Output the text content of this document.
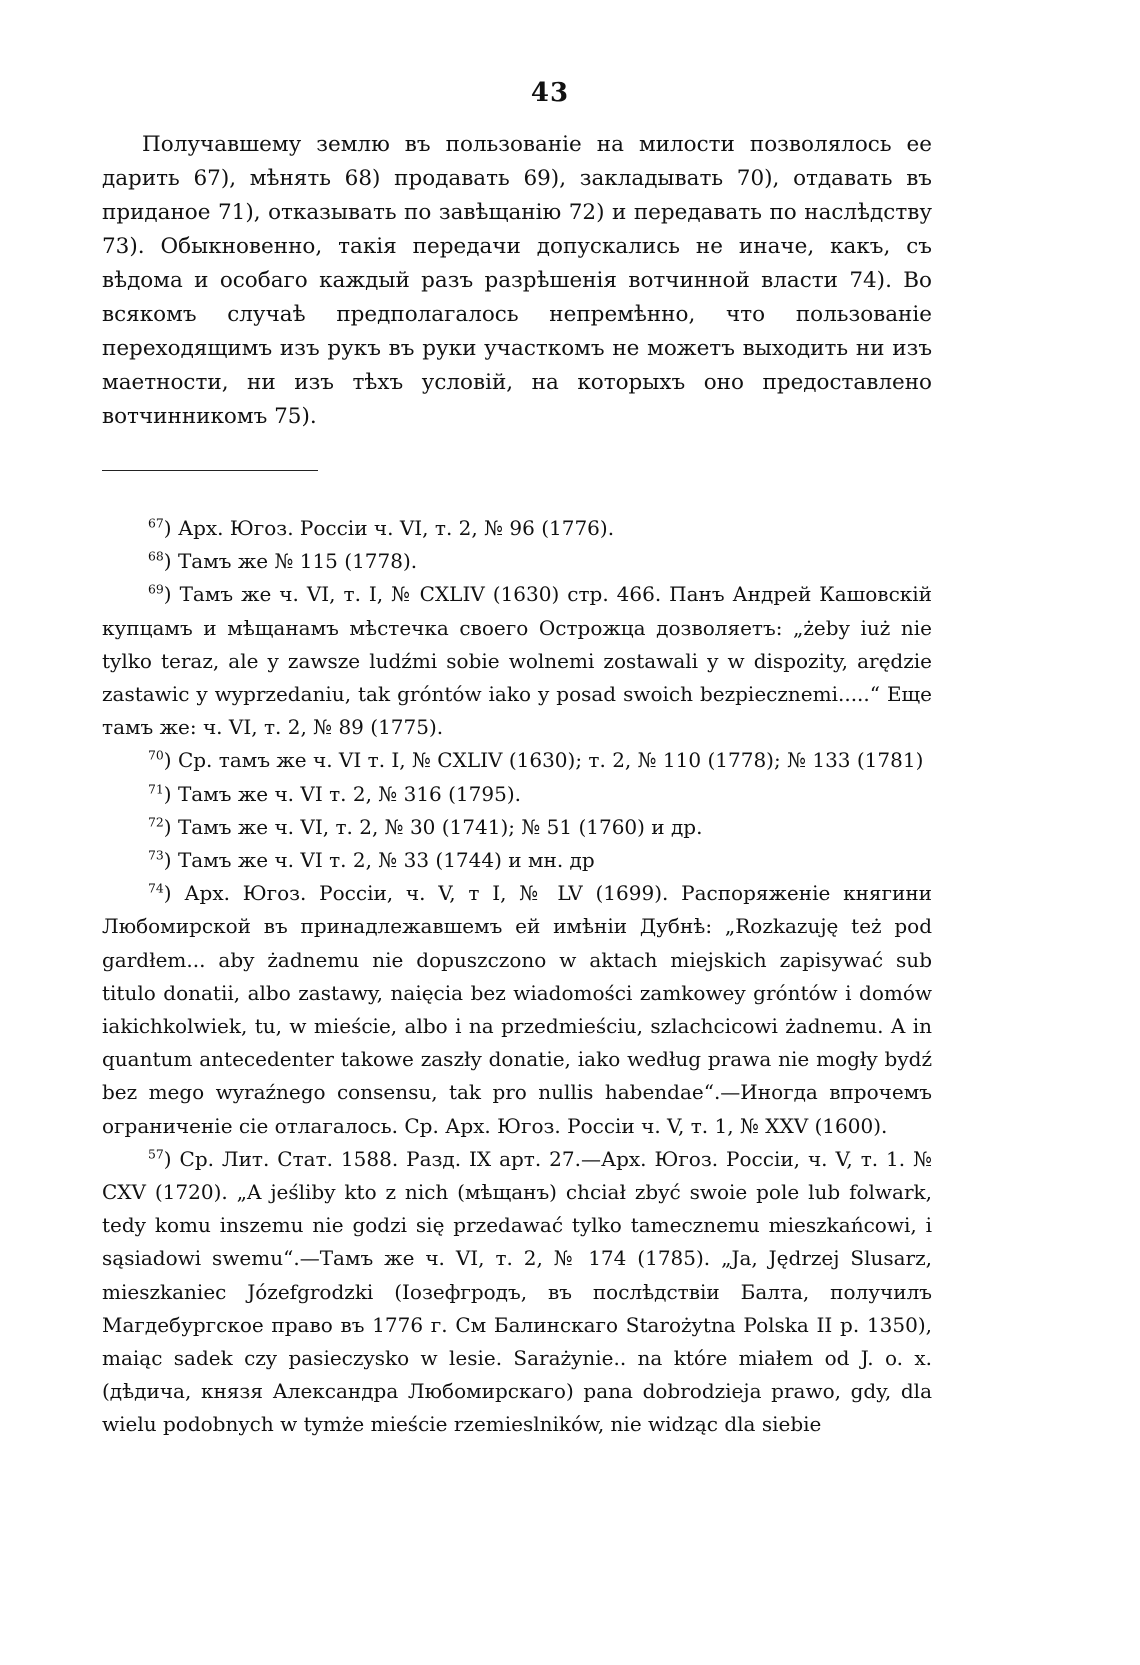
43

Получавшему землю въ пользованіе на милости позволялось ее дарить 67), мѣнять 68) продавать 69), закладывать 70), отдавать въ приданое 71), отказывать по завѣщанію 72) и передавать по наслѣдству 73). Обыкновенно, такія передачи допускались не иначе, какъ, съ вѣдома и особаго каждый разъ разрѣшенія вотчинной власти 74). Во всякомъ случаѣ предполагалось непремѣнно, что пользованіе переходящимъ изъ рукъ въ руки участкомъ не можетъ выходить ни изъ маетности, ни изъ тѣхъ условій, на которыхъ оно предоставлено вотчинникомъ 75).

$^{67}$) Арх. Югоз. Россіи ч. VI, т. 2, № 96 (1776).

$^{68}$) Тамъ же № 115 (1778).

$^{69}$) Тамъ же ч. VI, т. I, № CXLIV (1630) стр. 466. Панъ Андрей Кашовскій купцамъ и мѣщанамъ мѣстечка своего Острожца дозволяетъ: „żeby iuż nie tylko teraz, ale y zawsze ludźmi sobie wolnemi zostawali y w dispozity, arędzie zastawic y wyprzedaniu, tak gróntów iako y posad swoich bezpiecznemi.....“ Еще тамъ же: ч. VI, т. 2, № 89 (1775).

$^{70}$) Ср. тамъ же ч. VI т. I, № CXLIV (1630); т. 2, № 110 (1778); № 133 (1781)

$^{71}$) Тамъ же ч. VI т. 2, № 316 (1795).

$^{72}$) Тамъ же ч. VI, т. 2, № 30 (1741); № 51 (1760) и др.

$^{73}$) Тамъ же ч. VI т. 2, № 33 (1744) и мн. др

$^{74}$) Арх. Югоз. Россіи, ч. V, т I, № LV (1699). Распоряженіе княгини Любомирской въ принадлежавшемъ ей имѣніи Дубнѣ: „Rozkazuję też pod gardłem... aby żadnemu nie dopuszczono w aktach miejskich zapisywać sub titulo donatii, albo zastawy, naięcia bez wiadomości zamkowey gróntów i domów iakichkolwiek, tu, w mieście, albo i na przedmieściu, szlachcicowi żadnemu. A in quantum antecedenter takowe zaszły donatie, iako według prawa nie mogły bydź bez mego wyraźnego consensu, tak pro nullis habendae“.—Иногда впрочемъ ограниченіе сіе отлагалось. Ср. Арх. Югоз. Россіи ч. V, т. 1, № XXV (1600).

$^{57}$) Ср. Лит. Стат. 1588. Разд. IX арт. 27.—Арх. Югоз. Россіи, ч. V, т. 1. № CXV (1720). „A jeśliby kto z nich (мѣщанъ) chciał zbyć swoie pole lub folwark, tedy komu inszemu nie godzi się przedawać tylko tamecznemu mieszkańcowi, i sąsiadowi swemu“.—Тамъ же ч. VI, т. 2, № 174 (1785). „Ja, Jędrzej Slusarz, mieszkaniec Józefgrodzki (Іозефгродъ, въ послѣдствіи Балта, получилъ Магдебургское право въ 1776 г. См Балинскаго Starożytna Polska II р. 1350), maiąc sadek czy pasieczysko w lesie. Sarażynie.. na które miałem od J. o. x. (дѣдича, князя Александра Любомирскаго) pana dobrodzieja prawo, gdy, dla wielu podobnych w tymże mieście rzemieslników, nie widząc dla siebie
